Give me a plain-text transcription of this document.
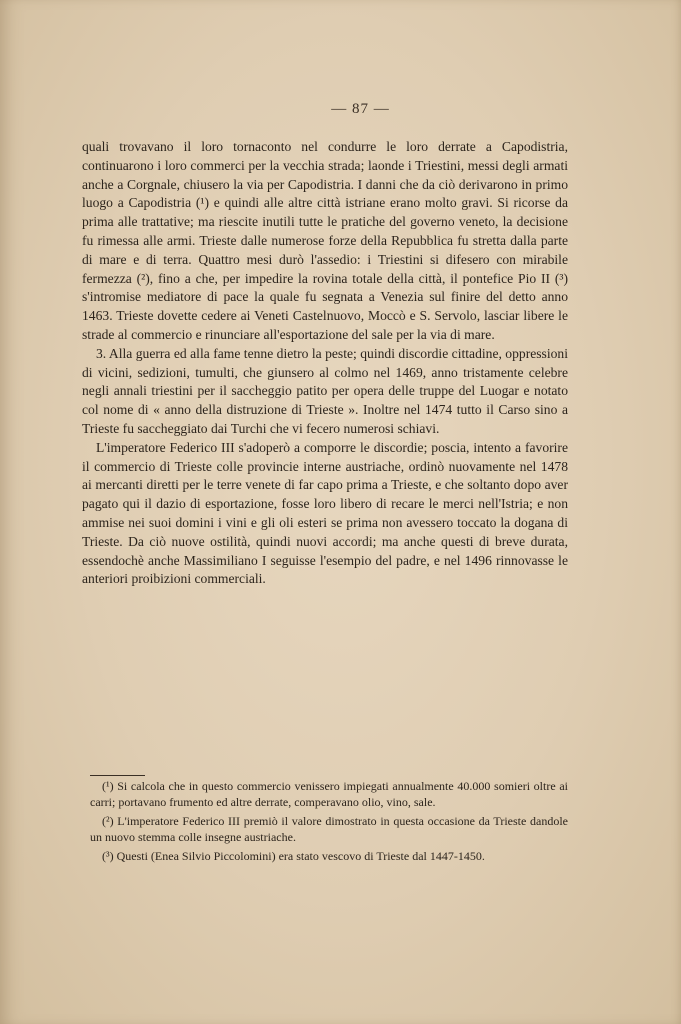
— 87 —

quali trovavano il loro tornaconto nel condurre le loro derrate a Capodistria, continuarono i loro commerci per la vecchia strada; laonde i Triestini, messi degli armati anche a Corgnale, chiusero la via per Capodistria. I danni che da ciò derivarono in primo luogo a Capodistria (¹) e quindi alle altre città istriane erano molto gravi. Si ricorse da prima alle trattative; ma riescite inutili tutte le pratiche del governo veneto, la decisione fu rimessa alle armi. Trieste dalle numerose forze della Repubblica fu stretta dalla parte di mare e di terra. Quattro mesi durò l'assedio: i Triestini si difesero con mirabile fermezza (²), fino a che, per impedire la rovina totale della città, il pontefice Pio II (³) s'intromise mediatore di pace la quale fu segnata a Venezia sul finire del detto anno 1463. Trieste dovette cedere ai Veneti Castelnuovo, Moccò e S. Servolo, lasciar libere le strade al commercio e rinunciare all'esportazione del sale per la via di mare.

3. Alla guerra ed alla fame tenne dietro la peste; quindi discordie cittadine, oppressioni di vicini, sedizioni, tumulti, che giunsero al colmo nel 1469, anno tristamente celebre negli annali triestini per il saccheggio patito per opera delle truppe del Luogar e notato col nome di « anno della distruzione di Trieste ». Inoltre nel 1474 tutto il Carso sino a Trieste fu saccheggiato dai Turchi che vi fecero numerosi schiavi.

L'imperatore Federico III s'adoperò a comporre le discordie; poscia, intento a favorire il commercio di Trieste colle provincie interne austriache, ordinò nuovamente nel 1478 ai mercanti diretti per le terre venete di far capo prima a Trieste, e che soltanto dopo aver pagato qui il dazio di esportazione, fosse loro libero di recare le merci nell'Istria; e non ammise nei suoi domini i vini e gli oli esteri se prima non avessero toccato la dogana di Trieste. Da ciò nuove ostilità, quindi nuovi accordi; ma anche questi di breve durata, essendochè anche Massimiliano I seguisse l'esempio del padre, e nel 1496 rinnovasse le anteriori proibizioni commerciali.

(¹) Si calcola che in questo commercio venissero impiegati annualmente 40.000 somieri oltre ai carri; portavano frumento ed altre derrate, comperavano olio, vino, sale.

(²) L'imperatore Federico III premiò il valore dimostrato in questa occasione da Trieste dandole un nuovo stemma colle insegne austriache.

(³) Questi (Enea Silvio Piccolomini) era stato vescovo di Trieste dal 1447-1450.
